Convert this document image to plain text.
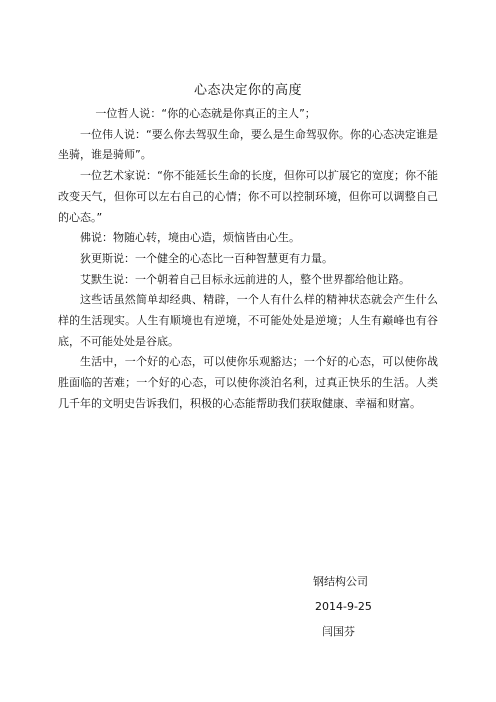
心态决定你的高度

一位哲人说：“你的心态就是你真正的主人”；

一位伟人说：“要么你去驾驭生命，要么是生命驾驭你。你的心态决定谁是坐骑，谁是骑师”。

一位艺术家说：“你不能延长生命的长度，但你可以扩展它的宽度；你不能改变天气，但你可以左右自己的心情；你不可以控制环境，但你可以调整自己的心态。”

佛说：物随心转，境由心造，烦恼皆由心生。

狄更斯说：一个健全的心态比一百种智慧更有力量。

艾默生说：一个朝着自己目标永远前进的人，整个世界都给他让路。

这些话虽然简单却经典、精辟，一个人有什么样的精神状态就会产生什么样的生活现实。人生有顺境也有逆境，不可能处处是逆境；人生有巅峰也有谷底，不可能处处是谷底。

生活中，一个好的心态，可以使你乐观豁达；一个好的心态，可以使你战胜面临的苦难；一个好的心态，可以使你淡泊名利，过真正快乐的生活。人类几千年的文明史告诉我们，积极的心态能帮助我们获取健康、幸福和财富。

钢结构公司
2014-9-25
闫国芬
